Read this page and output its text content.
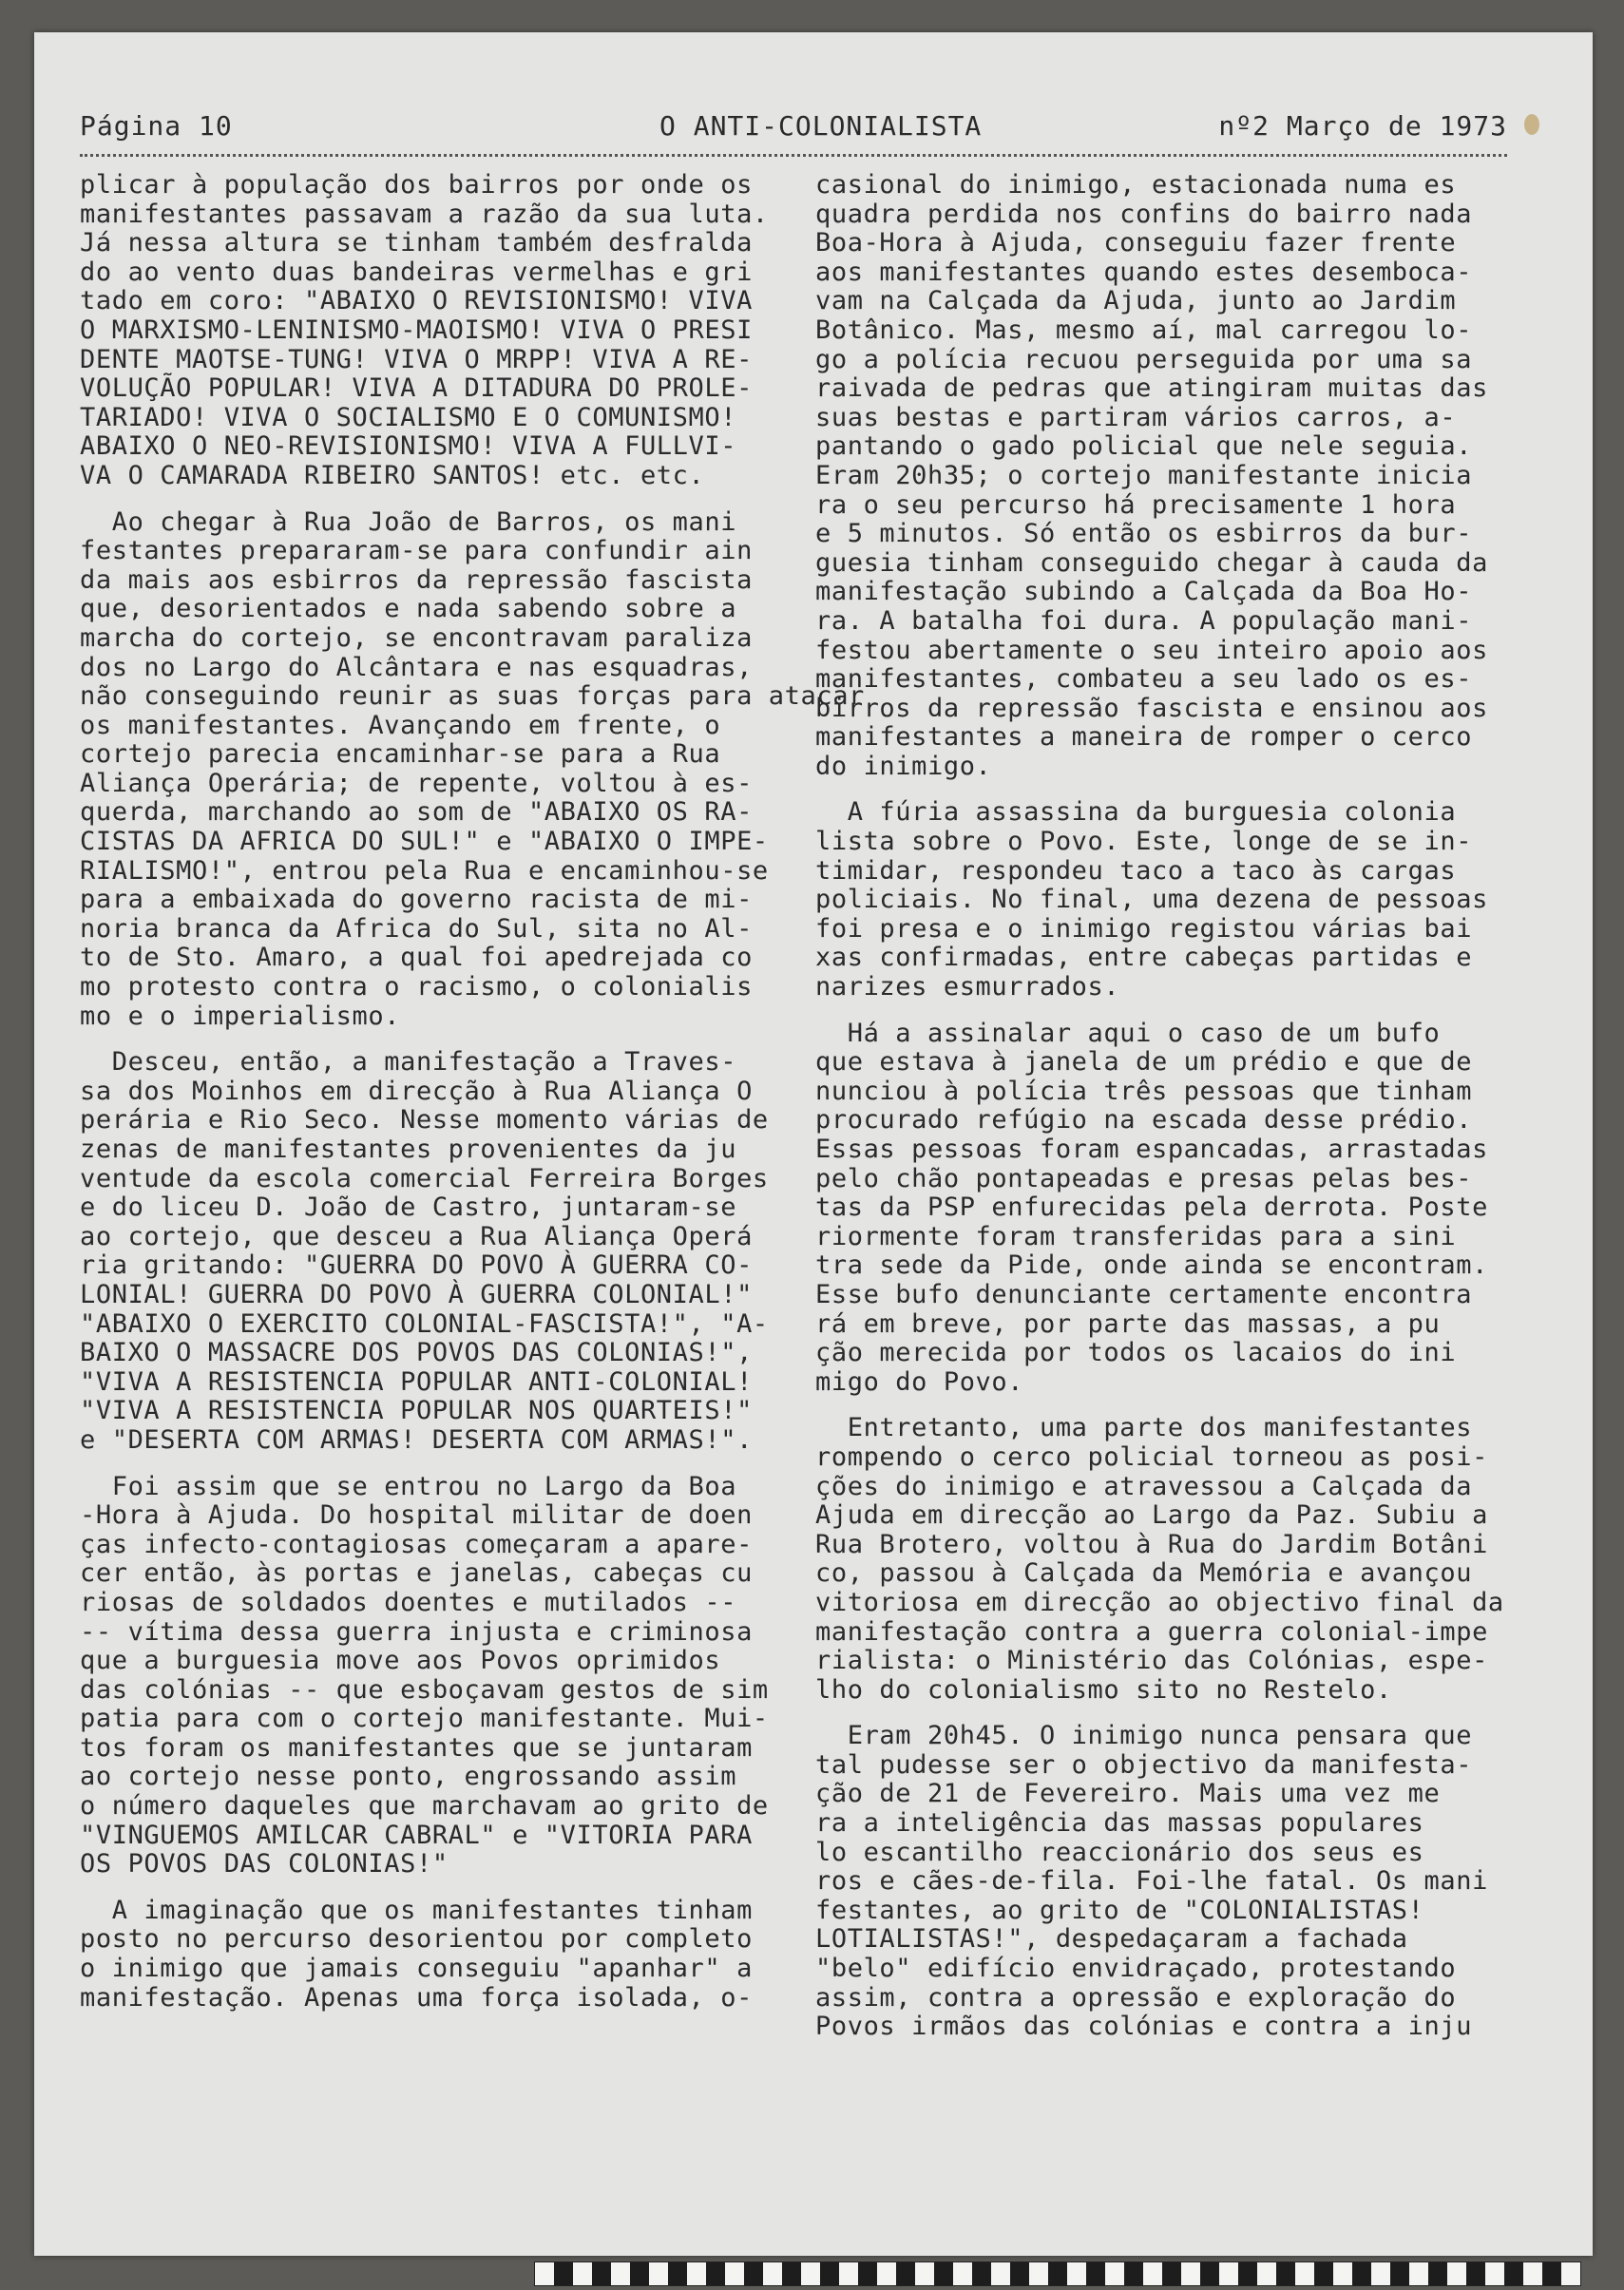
Página 10	O ANTI-COLONIALISTA	nº2 Março de 1973

plicar à população dos bairros por onde os
manifestantes passavam a razão da sua luta.
Já nessa altura se tinham também desfralda
do ao vento duas bandeiras vermelhas e gri
tado em coro: "ABAIXO O REVISIONISMO! VIVA
O MARXISMO-LENINISMO-MAOISMO! VIVA O PRESI
DENTE MAOTSE-TUNG! VIVA O MRPP! VIVA A RE-
VOLUÇÃO POPULAR! VIVA A DITADURA DO PROLE-
TARIADO! VIVA O SOCIALISMO E O COMUNISMO!
ABAIXO O NEO-REVISIONISMO! VIVA A FULLVI-
VA O CAMARADA RIBEIRO SANTOS! etc. etc.

Ao chegar à Rua João de Barros, os mani
festantes prepararam-se para confundir ain
da mais aos esbirros da repressão fascista
que, desorientados e nada sabendo sobre a
marcha do cortejo, se encontravam paraliza
dos no Largo do Alcântara e nas esquadras,
não conseguindo reunir as suas forças para atacar
os manifestantes. Avançando em frente, o
cortejo parecia encaminhar-se para a Rua
Aliança Operária; de repente, voltou à es-
querda, marchando ao som de "ABAIXO OS RA-
CISTAS DA AFRICA DO SUL!" e "ABAIXO O IMPE-
RIALISMO!", entrou pela Rua e encaminhou-se
para a embaixada do governo racista de mi-
noria branca da Africa do Sul, sita no Al-
to de Sto. Amaro, a qual foi apedrejada co
mo protesto contra o racismo, o colonialis
mo e o imperialismo.

Desceu, então, a manifestação a Traves-
sa dos Moinhos em direcção à Rua Aliança O
perária e Rio Seco. Nesse momento várias de
zenas de manifestantes provenientes da ju
ventude da escola comercial Ferreira Borges
e do liceu D. João de Castro, juntaram-se
ao cortejo, que desceu a Rua Aliança Operá
ria gritando: "GUERRA DO POVO À GUERRA CO-
LONIAL! GUERRA DO POVO À GUERRA COLONIAL!"
"ABAIXO O EXERCITO COLONIAL-FASCISTA!", "A-
BAIXO O MASSACRE DOS POVOS DAS COLONIAS!",
"VIVA A RESISTENCIA POPULAR ANTI-COLONIAL!
"VIVA A RESISTENCIA POPULAR NOS QUARTEIS!"
e "DESERTA COM ARMAS! DESERTA COM ARMAS!".

Foi assim que se entrou no Largo da Boa
-Hora à Ajuda. Do hospital militar de doen
ças infecto-contagiosas começaram a apare-
cer então, às portas e janelas, cabeças cu
riosas de soldados doentes e mutilados --
-- vítima dessa guerra injusta e criminosa
que a burguesia move aos Povos oprimidos
das colónias -- que esboçavam gestos de sim
patia para com o cortejo manifestante. Mui-
tos foram os manifestantes que se juntaram
ao cortejo nesse ponto, engrossando assim
o número daqueles que marchavam ao grito de
"VINGUEMOS AMILCAR CABRAL" e "VITORIA PARA
OS POVOS DAS COLONIAS!"

A imaginação que os manifestantes tinham
posto no percurso desorientou por completo
o inimigo que jamais conseguiu "apanhar" a
manifestação. Apenas uma força isolada, o-

casional do inimigo, estacionada numa es
quadra perdida nos confins do bairro nada
Boa-Hora à Ajuda, conseguiu fazer frente
aos manifestantes quando estes desemboca-
vam na Calçada da Ajuda, junto ao Jardim
Botânico. Mas, mesmo aí, mal carregou lo-
go a polícia recuou perseguida por uma sa
raivada de pedras que atingiram muitas das
suas bestas e partiram vários carros, a-
pantando o gado policial que nele seguia.
Eram 20h35; o cortejo manifestante inicia
ra o seu percurso há precisamente 1 hora
e 5 minutos. Só então os esbirros da bur-
guesia tinham conseguido chegar à cauda da
manifestação subindo a Calçada da Boa Ho-
ra. A batalha foi dura. A população mani-
festou abertamente o seu inteiro apoio aos
manifestantes, combateu a seu lado os es-
birros da repressão fascista e ensinou aos
manifestantes a maneira de romper o cerco
do inimigo.

A fúria assassina da burguesia colonia
lista sobre o Povo. Este, longe de se in-
timidar, respondeu taco a taco às cargas
policiais. No final, uma dezena de pessoas
foi presa e o inimigo registou várias bai
xas confirmadas, entre cabeças partidas e
narizes esmurrados.

Há a assinalar aqui o caso de um bufo
que estava à janela de um prédio e que de
nunciou à polícia três pessoas que tinham
procurado refúgio na escada desse prédio.
Essas pessoas foram espancadas, arrastadas
pelo chão pontapeadas e presas pelas bes-
tas da PSP enfurecidas pela derrota. Poste
riormente foram transferidas para a sini
tra sede da Pide, onde ainda se encontram.
Esse bufo denunciante certamente encontra
rá em breve, por parte das massas, a pu
ção merecida por todos os lacaios do ini
migo do Povo.

Entretanto, uma parte dos manifestantes
rompendo o cerco policial torneou as posi-
ções do inimigo e atravessou a Calçada da
Ajuda em direcção ao Largo da Paz. Subiu a
Rua Brotero, voltou à Rua do Jardim Botâni
co, passou à Calçada da Memória e avançou
vitoriosa em direcção ao objectivo final da
manifestação contra a guerra colonial-impe
rialista: o Ministério das Colónias, espe-
lho do colonialismo sito no Restelo.

Eram 20h45. O inimigo nunca pensara que
tal pudesse ser o objectivo da manifesta-
ção de 21 de Fevereiro. Mais uma vez me
ra a inteligência das massas populares
lo escantilho reaccionário dos seus es
ros e cães-de-fila. Foi-lhe fatal. Os mani
festantes, ao grito de "COLONIALISTAS!
LOTIALISTAS!", despedaçaram a fachada
"belo" edifício envidraçado, protestando
assim, contra a opressão e exploração do
Povos irmãos das colónias e contra a inju
